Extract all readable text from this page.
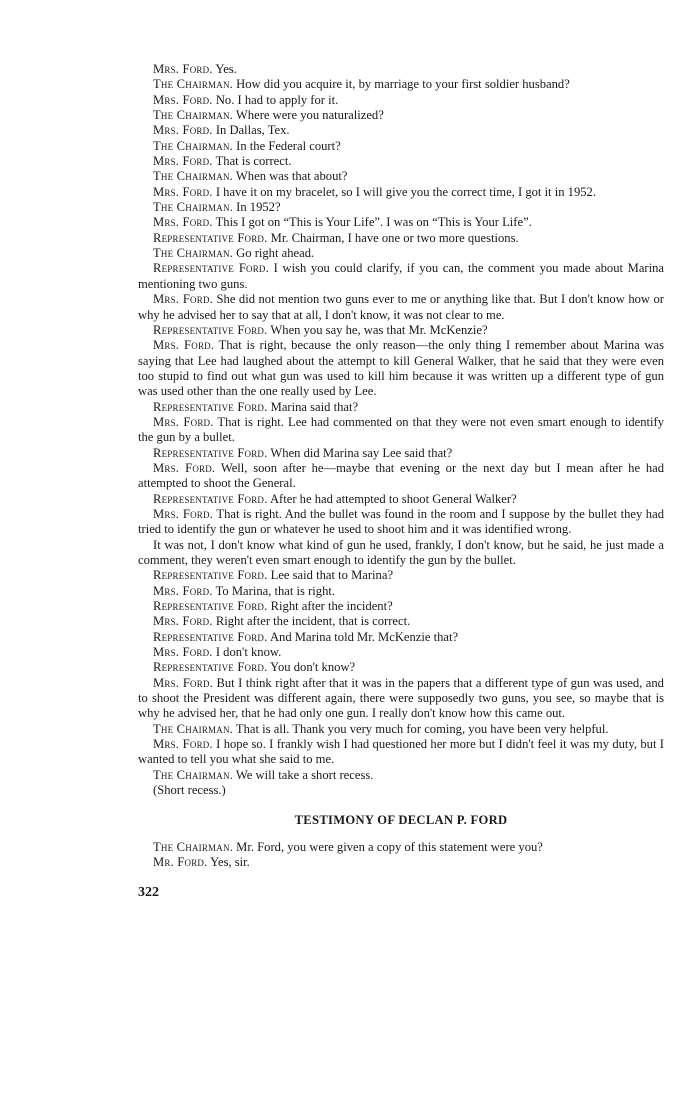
Mrs. Ford. Yes.

The Chairman. How did you acquire it, by marriage to your first soldier husband?

Mrs. Ford. No. I had to apply for it.

The Chairman. Where were you naturalized?

Mrs. Ford. In Dallas, Tex.

The Chairman. In the Federal court?

Mrs. Ford. That is correct.

The Chairman. When was that about?

Mrs. Ford. I have it on my bracelet, so I will give you the correct time, I got it in 1952.

The Chairman. In 1952?

Mrs. Ford. This I got on “This is Your Life”. I was on “This is Your Life”.

Representative Ford. Mr. Chairman, I have one or two more questions.

The Chairman. Go right ahead.

Representative Ford. I wish you could clarify, if you can, the comment you made about Marina mentioning two guns.

Mrs. Ford. She did not mention two guns ever to me or anything like that. But I don't know how or why he advised her to say that at all, I don't know, it was not clear to me.

Representative Ford. When you say he, was that Mr. McKenzie?

Mrs. Ford. That is right, because the only reason—the only thing I remember about Marina was saying that Lee had laughed about the attempt to kill General Walker, that he said that they were even too stupid to find out what gun was used to kill him because it was written up a different type of gun was used other than the one really used by Lee.

Representative Ford. Marina said that?

Mrs. Ford. That is right. Lee had commented on that they were not even smart enough to identify the gun by a bullet.

Representative Ford. When did Marina say Lee said that?

Mrs. Ford. Well, soon after he—maybe that evening or the next day but I mean after he had attempted to shoot the General.

Representative Ford. After he had attempted to shoot General Walker?

Mrs. Ford. That is right. And the bullet was found in the room and I suppose by the bullet they had tried to identify the gun or whatever he used to shoot him and it was identified wrong.

It was not, I don't know what kind of gun he used, frankly, I don't know, but he said, he just made a comment, they weren't even smart enough to identify the gun by the bullet.

Representative Ford. Lee said that to Marina?

Mrs. Ford. To Marina, that is right.

Representative Ford. Right after the incident?

Mrs. Ford. Right after the incident, that is correct.

Representative Ford. And Marina told Mr. McKenzie that?

Mrs. Ford. I don't know.

Representative Ford. You don't know?

Mrs. Ford. But I think right after that it was in the papers that a different type of gun was used, and to shoot the President was different again, there were supposedly two guns, you see, so maybe that is why he advised her, that he had only one gun. I really don't know how this came out.

The Chairman. That is all. Thank you very much for coming, you have been very helpful.

Mrs. Ford. I hope so. I frankly wish I had questioned her more but I didn't feel it was my duty, but I wanted to tell you what she said to me.

The Chairman. We will take a short recess.

(Short recess.)

TESTIMONY OF DECLAN P. FORD

The Chairman. Mr. Ford, you were given a copy of this statement were you?

Mr. Ford. Yes, sir.

322
